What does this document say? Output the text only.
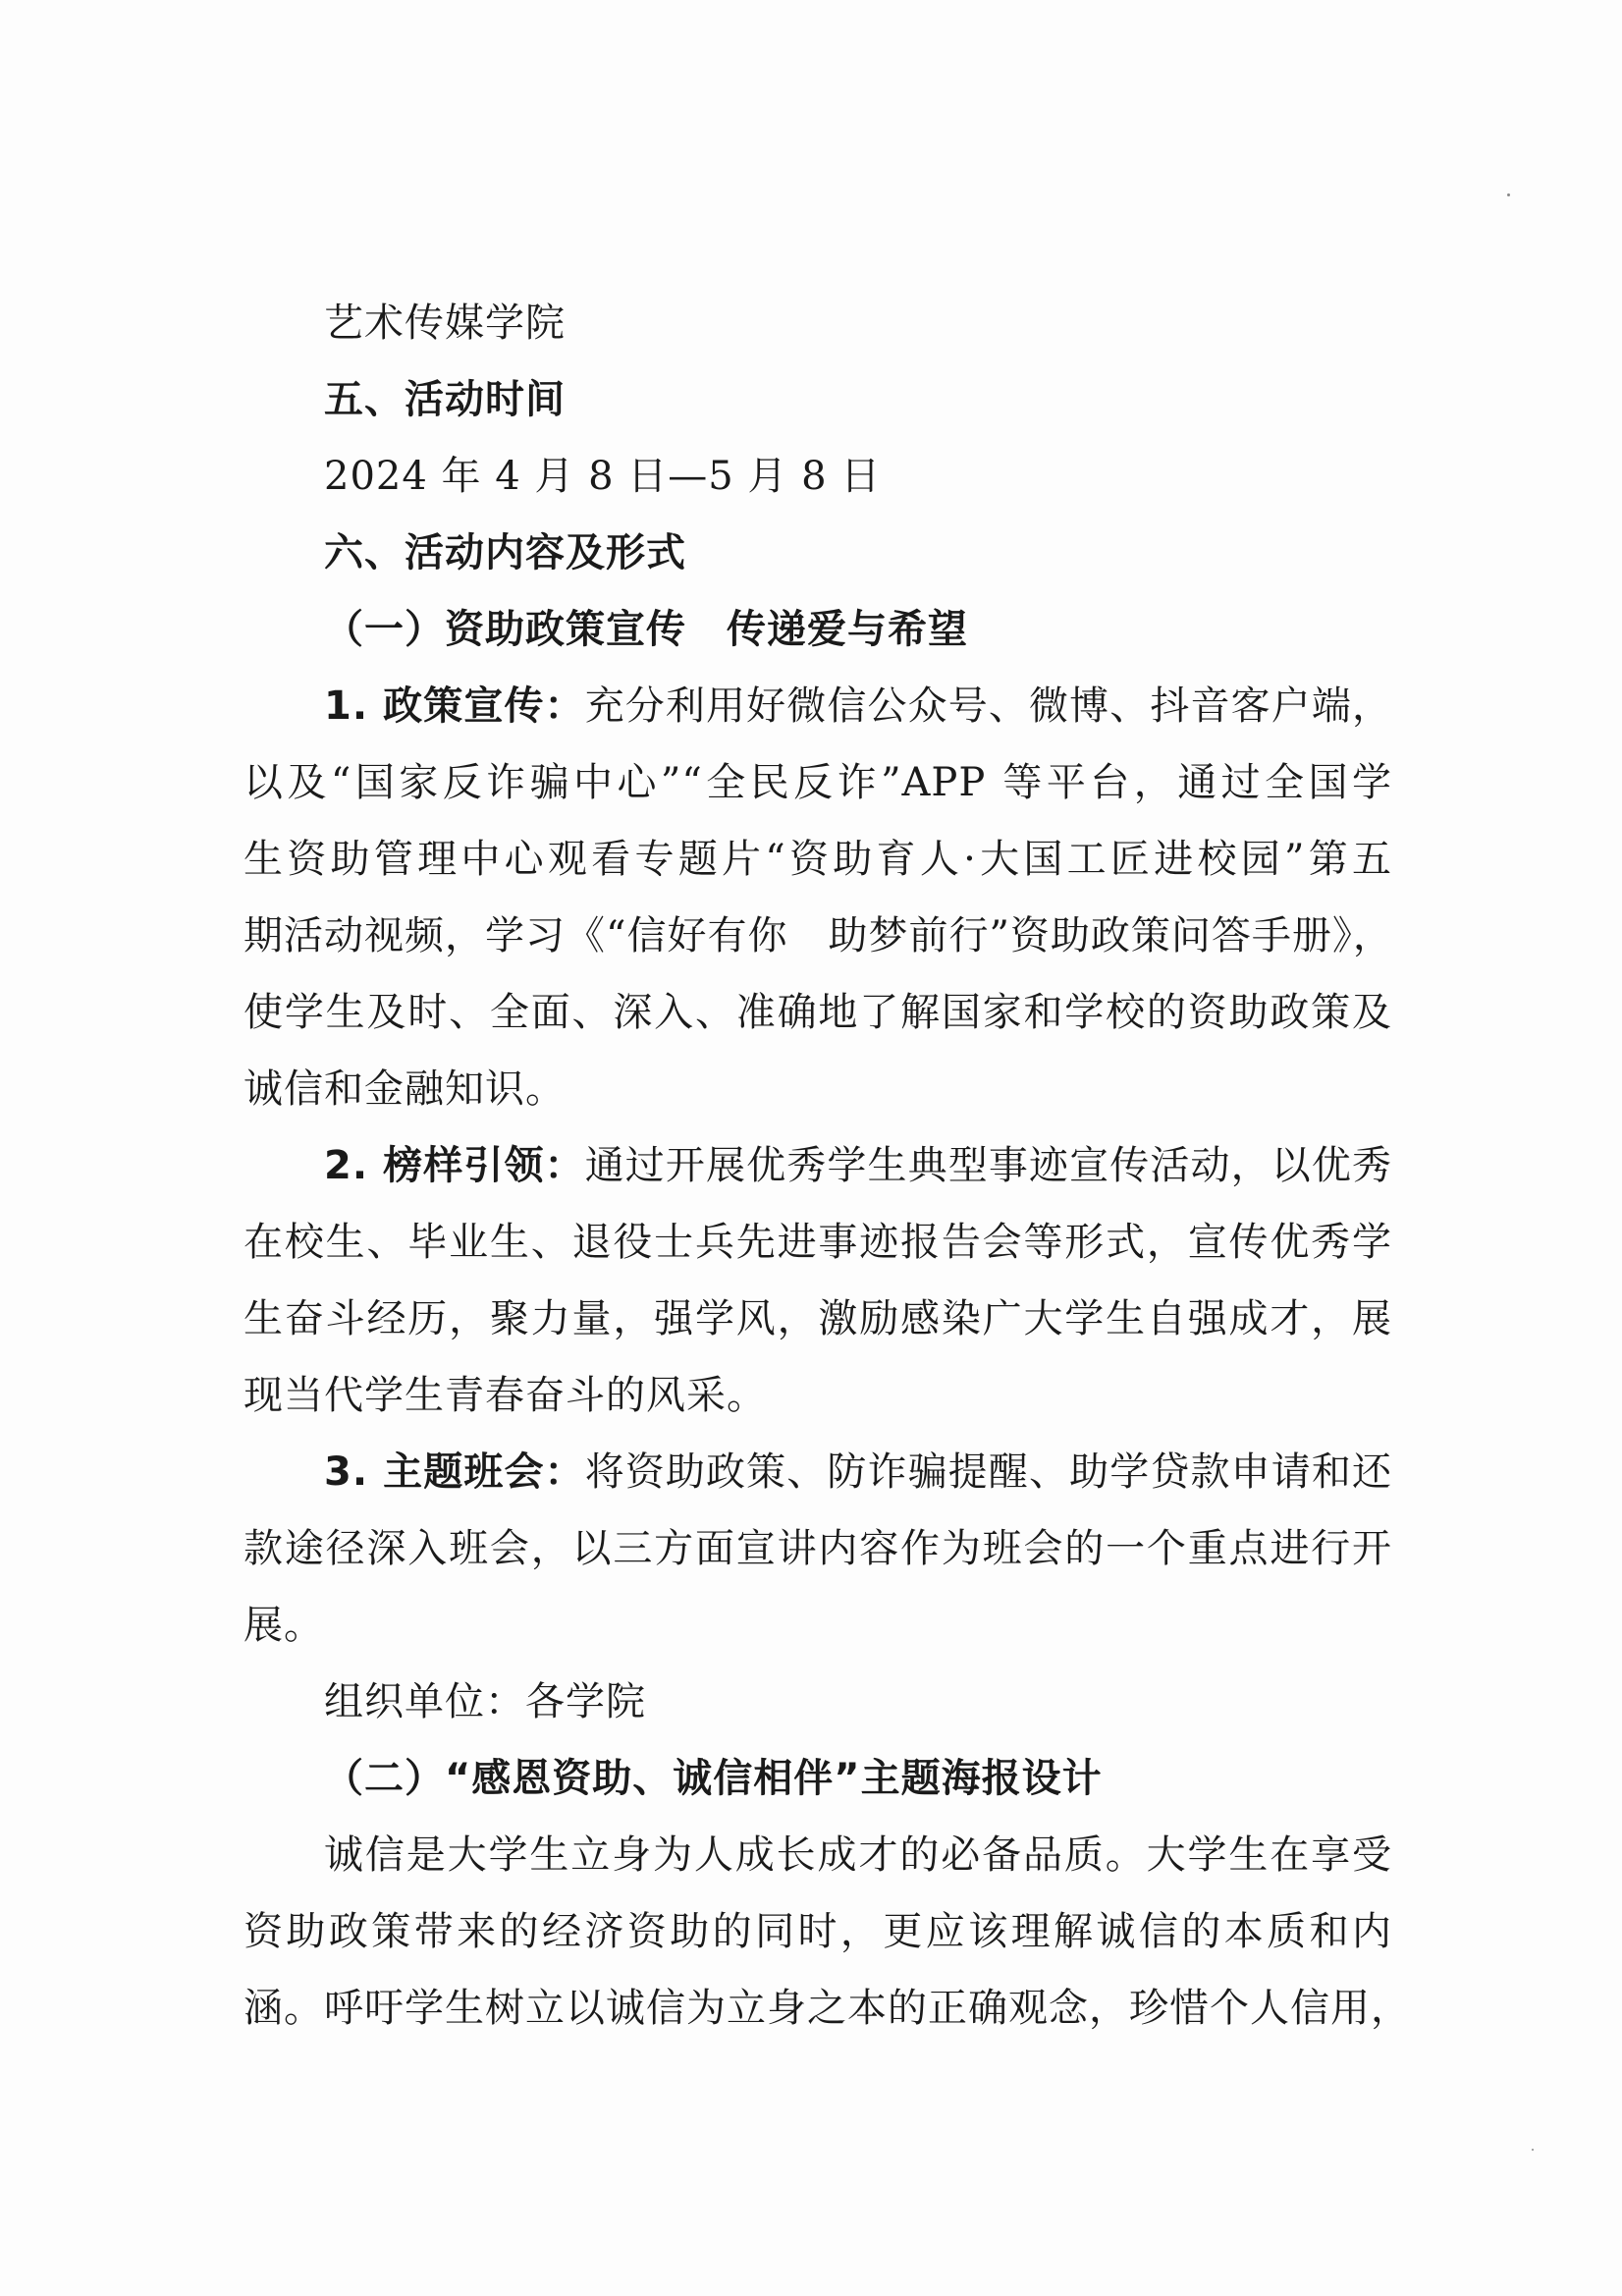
艺术传媒学院
五、活动时间
2024 年 4 月 8 日—5 月 8 日
六、活动内容及形式
（一）资助政策宣传　传递爱与希望
1. 政策宣传：充分利用好微信公众号、微博、抖音客户端，
以及“国家反诈骗中心”“全民反诈”APP 等平台，通过全国学
生资助管理中心观看专题片“资助育人·大国工匠进校园”第五
期活动视频，学习《“信好有你　助梦前行”资助政策问答手册》，
使学生及时、全面、深入、准确地了解国家和学校的资助政策及
诚信和金融知识。
2. 榜样引领：通过开展优秀学生典型事迹宣传活动，以优秀
在校生、毕业生、退役士兵先进事迹报告会等形式，宣传优秀学
生奋斗经历，聚力量，强学风，激励感染广大学生自强成才，展
现当代学生青春奋斗的风采。
3. 主题班会：将资助政策、防诈骗提醒、助学贷款申请和还
款途径深入班会，以三方面宣讲内容作为班会的一个重点进行开
展。
组织单位：各学院
（二）“感恩资助、诚信相伴”主题海报设计
诚信是大学生立身为人成长成才的必备品质。大学生在享受
资助政策带来的经济资助的同时，更应该理解诚信的本质和内
涵。呼吁学生树立以诚信为立身之本的正确观念，珍惜个人信用，
